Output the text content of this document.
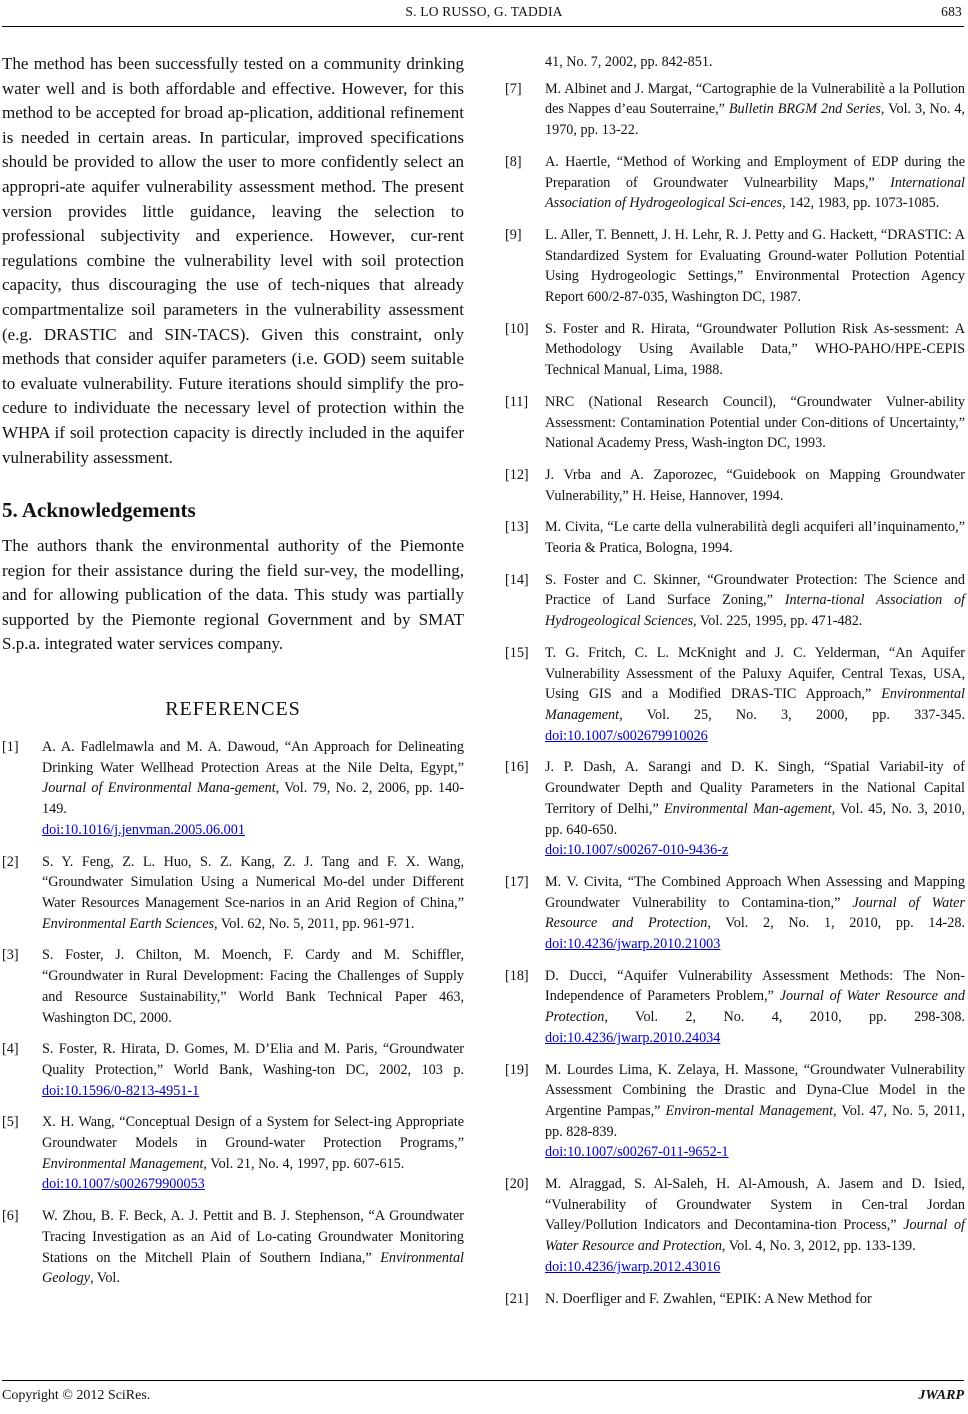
S. LO RUSSO, G. TADDIA	683

The method has been successfully tested on a community drinking water well and is both affordable and effective. However, for this method to be accepted for broad ap-plication, additional refinement is needed in certain areas. In particular, improved specifications should be provided to allow the user to more confidently select an appropri-ate aquifer vulnerability assessment method. The present version provides little guidance, leaving the selection to professional subjectivity and experience. However, cur-rent regulations combine the vulnerability level with soil protection capacity, thus discouraging the use of tech-niques that already compartmentalize soil parameters in the vulnerability assessment (e.g. DRASTIC and SIN-TACS). Given this constraint, only methods that consider aquifer parameters (i.e. GOD) seem suitable to evaluate vulnerability. Future iterations should simplify the pro-cedure to individuate the necessary level of protection within the WHPA if soil protection capacity is directly included in the aquifer vulnerability assessment.

5. Acknowledgements

The authors thank the environmental authority of the Piemonte region for their assistance during the field sur-vey, the modelling, and for allowing publication of the data. This study was partially supported by the Piemonte regional Government and by SMAT S.p.a. integrated water services company.

REFERENCES
[1] A. A. Fadlelmawla and M. A. Dawoud, “An Approach for Delineating Drinking Water Wellhead Protection Areas at the Nile Delta, Egypt,” Journal of Environmental Mana-gement, Vol. 79, No. 2, 2006, pp. 140-149.
doi:10.1016/j.jenvman.2005.06.001
[2] S. Y. Feng, Z. L. Huo, S. Z. Kang, Z. J. Tang and F. X. Wang, “Groundwater Simulation Using a Numerical Mo-del under Different Water Resources Management Sce-narios in an Arid Region of China,” Environmental Earth Sciences, Vol. 62, No. 5, 2011, pp. 961-971.
[3] S. Foster, J. Chilton, M. Moench, F. Cardy and M. Schiffler, “Groundwater in Rural Development: Facing the Challenges of Supply and Resource Sustainability,” World Bank Technical Paper 463, Washington DC, 2000.
[4] S. Foster, R. Hirata, D. Gomes, M. D’Elia and M. Paris, “Groundwater Quality Protection,” World Bank, Washing-ton DC, 2002, 103 p. doi:10.1596/0-8213-4951-1
[5] X. H. Wang, “Conceptual Design of a System for Select-ing Appropriate Groundwater Models in Ground-water Protection Programs,” Environmental Management, Vol. 21, No. 4, 1997, pp. 607-615.
doi:10.1007/s002679900053
[6] W. Zhou, B. F. Beck, A. J. Pettit and B. J. Stephenson, “A Groundwater Tracing Investigation as an Aid of Lo-cating Groundwater Monitoring Stations on the Mitchell Plain of Southern Indiana,” Environmental Geology, Vol.
41, No. 7, 2002, pp. 842-851.
[7] M. Albinet and J. Margat, “Cartographie de la Vulnerabilitè a la Pollution des Nappes d’eau Souterraine,” Bulletin BRGM 2nd Series, Vol. 3, No. 4, 1970, pp. 13-22.
[8] A. Haertle, “Method of Working and Employment of EDP during the Preparation of Groundwater Vulnearbility Maps,” International Association of Hydrogeological Sci-ences, 142, 1983, pp. 1073-1085.
[9] L. Aller, T. Bennett, J. H. Lehr, R. J. Petty and G. Hackett, “DRASTIC: A Standardized System for Evaluating Ground-water Pollution Potential Using Hydrogeologic Settings,” Environmental Protection Agency Report 600/2-87-035, Washington DC, 1987.
[10] S. Foster and R. Hirata, “Groundwater Pollution Risk As-sessment: A Methodology Using Available Data,” WHO-PAHO/HPE-CEPIS Technical Manual, Lima, 1988.
[11] NRC (National Research Council), “Groundwater Vulner-ability Assessment: Contamination Potential under Con-ditions of Uncertainty,” National Academy Press, Wash-ington DC, 1993.
[12] J. Vrba and A. Zaporozec, “Guidebook on Mapping Groundwater Vulnerability,” H. Heise, Hannover, 1994.
[13] M. Civita, “Le carte della vulnerabilità degli acquiferi all’inquinamento,” Teoria & Pratica, Bologna, 1994.
[14] S. Foster and C. Skinner, “Groundwater Protection: The Science and Practice of Land Surface Zoning,” Interna-tional Association of Hydrogeological Sciences, Vol. 225, 1995, pp. 471-482.
[15] T. G. Fritch, C. L. McKnight and J. C. Yelderman, “An Aquifer Vulnerability Assessment of the Paluxy Aquifer, Central Texas, USA, Using GIS and a Modified DRAS-TIC Approach,” Environmental Management, Vol. 25, No. 3, 2000, pp. 337-345. doi:10.1007/s002679910026
[16] J. P. Dash, A. Sarangi and D. K. Singh, “Spatial Variabil-ity of Groundwater Depth and Quality Parameters in the National Capital Territory of Delhi,” Environmental Man-agement, Vol. 45, No. 3, 2010, pp. 640-650.
doi:10.1007/s00267-010-9436-z
[17] M. V. Civita, “The Combined Approach When Assessing and Mapping Groundwater Vulnerability to Contamina-tion,” Journal of Water Resource and Protection, Vol. 2, No. 1, 2010, pp. 14-28. doi:10.4236/jwarp.2010.21003
[18] D. Ducci, “Aquifer Vulnerability Assessment Methods: The Non-Independence of Parameters Problem,” Journal of Water Resource and Protection, Vol. 2, No. 4, 2010, pp. 298-308. doi:10.4236/jwarp.2010.24034
[19] M. Lourdes Lima, K. Zelaya, H. Massone, “Groundwater Vulnerability Assessment Combining the Drastic and Dyna-Clue Model in the Argentine Pampas,” Environ-mental Management, Vol. 47, No. 5, 2011, pp. 828-839.
doi:10.1007/s00267-011-9652-1
[20] M. Alraggad, S. Al-Saleh, H. Al-Amoush, A. Jasem and D. Isied, “Vulnerability of Groundwater System in Cen-tral Jordan Valley/Pollution Indicators and Decontamina-tion Process,” Journal of Water Resource and Protection, Vol. 4, No. 3, 2012, pp. 133-139.
doi:10.4236/jwarp.2012.43016
[21] N. Doerfliger and F. Zwahlen, “EPIK: A New Method for
Copyright © 2012 SciRes.	JWARP
